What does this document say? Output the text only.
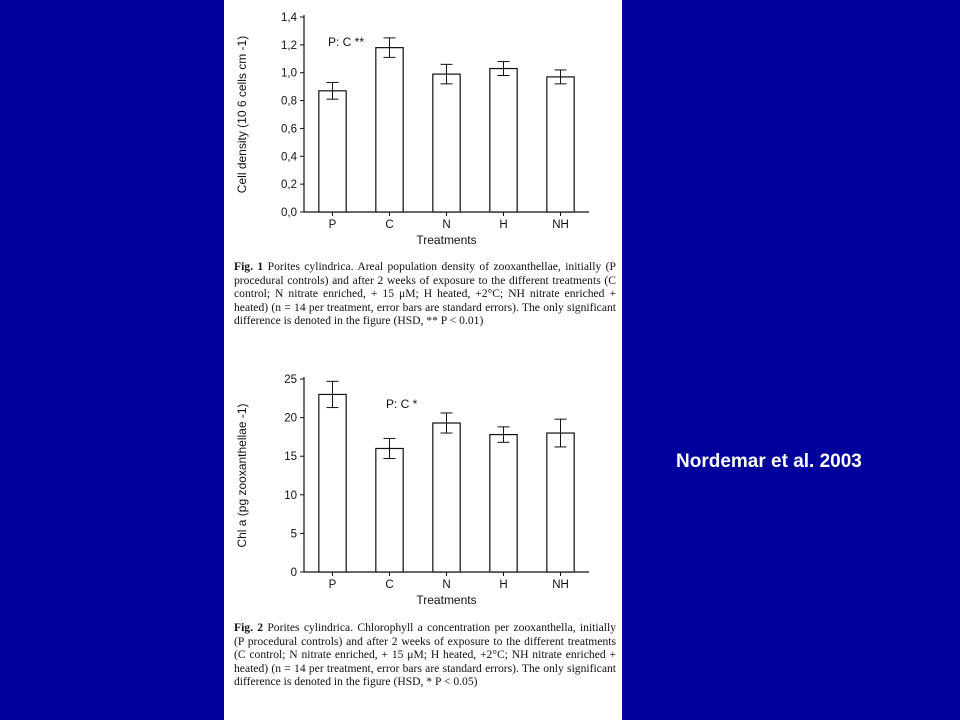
0,0
0,2
0,4
0,6
0,8
1,0
1,2
1,4
P	C	N	H	NH
Treatments
Cell density (10 6 cells cm -1)	P: C **
Fig. 1 Porites cylindrica. Areal population density of zooxanthellae, initially (P procedural controls) and after 2 weeks of exposure to the different treatments (C control; N nitrate enriched, + 15 μM; H heated, +2°C; NH nitrate enriched + heated) (n = 14 per treatment, error bars are standard errors). The only significant difference is denoted in the figure (HSD, ** P < 0.01)
0
5
10
15
20
25
P	C	N	H	NH
Treatments
Chl a (pg zooxanthellae -1)	P: C *
Fig. 2 Porites cylindrica. Chlorophyll a concentration per zooxanthella, initially (P procedural controls) and after 2 weeks of exposure to the different treatments (C control; N nitrate enriched, + 15 μM; H heated, +2°C; NH nitrate enriched + heated) (n = 14 per treatment, error bars are standard errors). The only significant difference is denoted in the figure (HSD, * P < 0.05)
Nordemar et al. 2003
